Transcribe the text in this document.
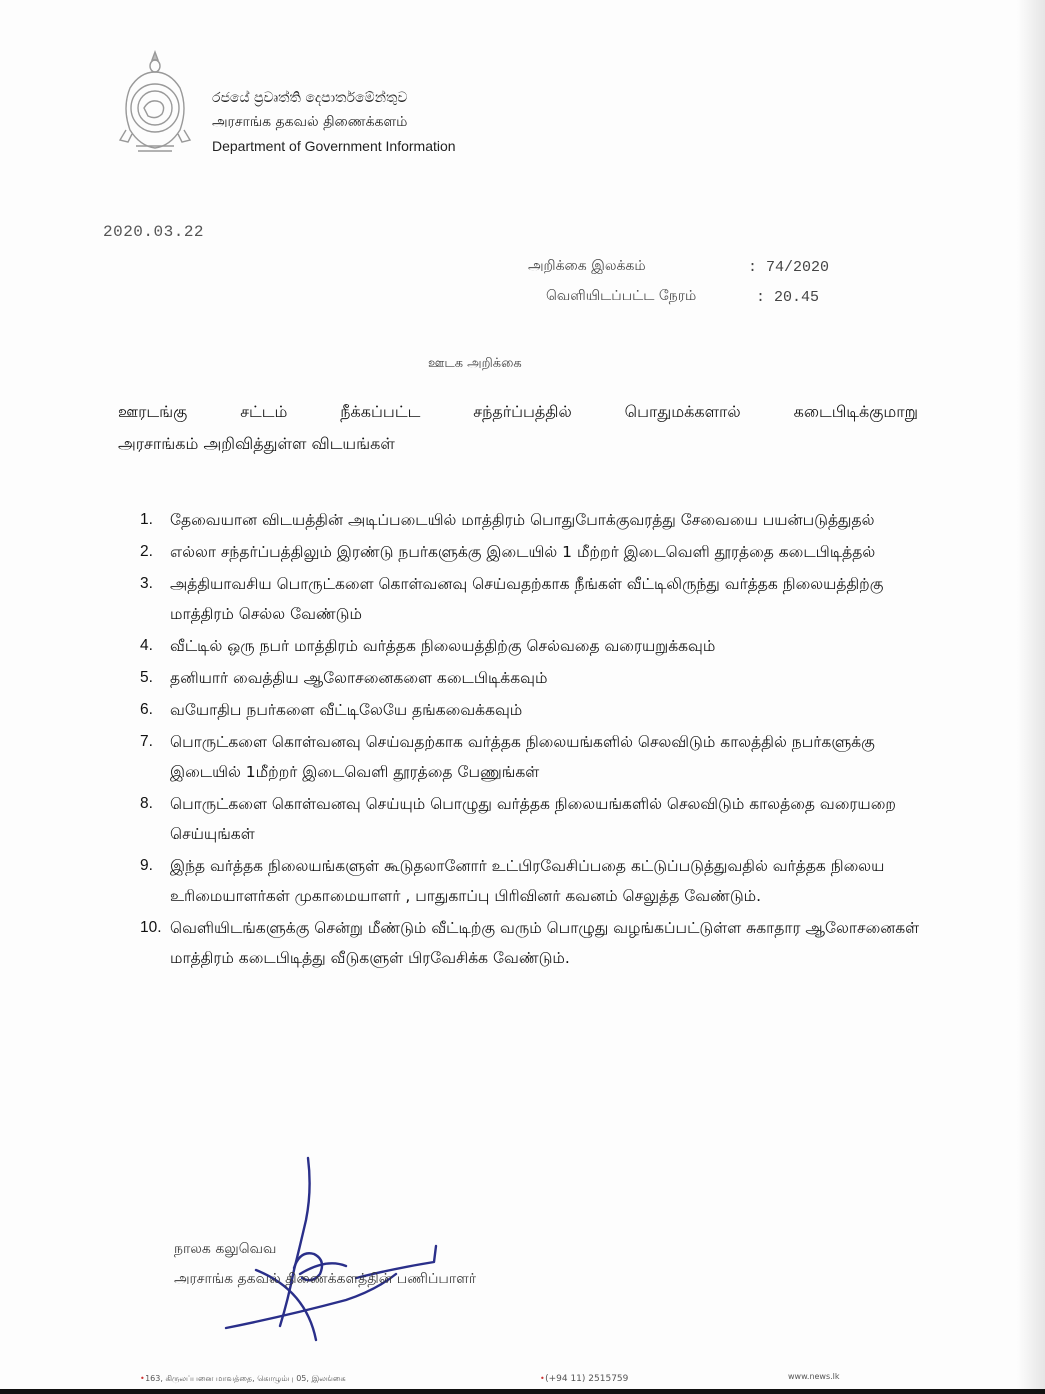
රජයේ ප්‍රවෘත්ති දෙපාර්තමේන්තුව
அரசாங்க தகவல் திணைக்களம்
Department of Government Information
2020.03.22
அறிக்கை இலக்கம்	: 74/2020
வெளியிடப்பட்ட நேரம்	: 20.45
ஊடக அறிக்கை
ஊரடங்கு சட்டம் நீக்கப்பட்ட சந்தர்ப்பத்தில் பொதுமக்களால் கடைபிடிக்குமாறு
அரசாங்கம் அறிவித்துள்ள விடயங்கள்
1.	தேவையான விடயத்தின் அடிப்படையில் மாத்திரம் பொதுபோக்குவரத்து சேவையை பயன்படுத்துதல்
2.	எல்லா சந்தர்ப்பத்திலும் இரண்டு நபர்களுக்கு இடையில் 1 மீற்றர் இடைவெளி தூரத்தை கடைபிடித்தல்
3.	அத்தியாவசிய பொருட்களை கொள்வனவு செய்வதற்காக நீங்கள் வீட்டிலிருந்து வர்த்தக நிலையத்திற்கு மாத்திரம் செல்ல வேண்டும்
4.	வீட்டில் ஒரு நபர் மாத்திரம் வர்த்தக நிலையத்திற்கு செல்வதை வரையறுக்கவும்
5.	தனியார் வைத்திய ஆலோசனைகளை கடைபிடிக்கவும்
6.	வயோதிப நபர்களை வீட்டிலேயே தங்கவைக்கவும்
7.	பொருட்களை கொள்வனவு செய்வதற்காக வர்த்தக நிலையங்களில் செலவிடும் காலத்தில் நபர்களுக்கு இடையில் 1மீற்றர் இடைவெளி தூரத்தை பேணுங்கள்
8.	பொருட்களை கொள்வனவு செய்யும் பொழுது வர்த்தக நிலையங்களில் செலவிடும் காலத்தை வரையறை செய்யுங்கள்
9.	இந்த வர்த்தக நிலையங்களுள் கூடுதலானோர் உட்பிரவேசிப்பதை கட்டுப்படுத்துவதில் வர்த்தக நிலைய உரிமையாளர்கள் முகாமையாளர் , பாதுகாப்பு பிரிவினர் கவனம் செலுத்த வேண்டும்.
10. வெளியிடங்களுக்கு சென்று மீண்டும் வீட்டிற்கு வரும் பொழுது வழங்கப்பட்டுள்ள சுகாதார ஆலோசனைகள் மாத்திரம் கடைபிடித்து வீடுகளுள் பிரவேசிக்க வேண்டும்.
நாலக கலுவெவ
அரசாங்க தகவல் திணைக்களத்தின் பணிப்பாளர்
•
163, கிருலப்பனை மாவத்தை, கொழும்பு 05, இலங்கை	•
(+94 11) 2515759	www.news.lk
